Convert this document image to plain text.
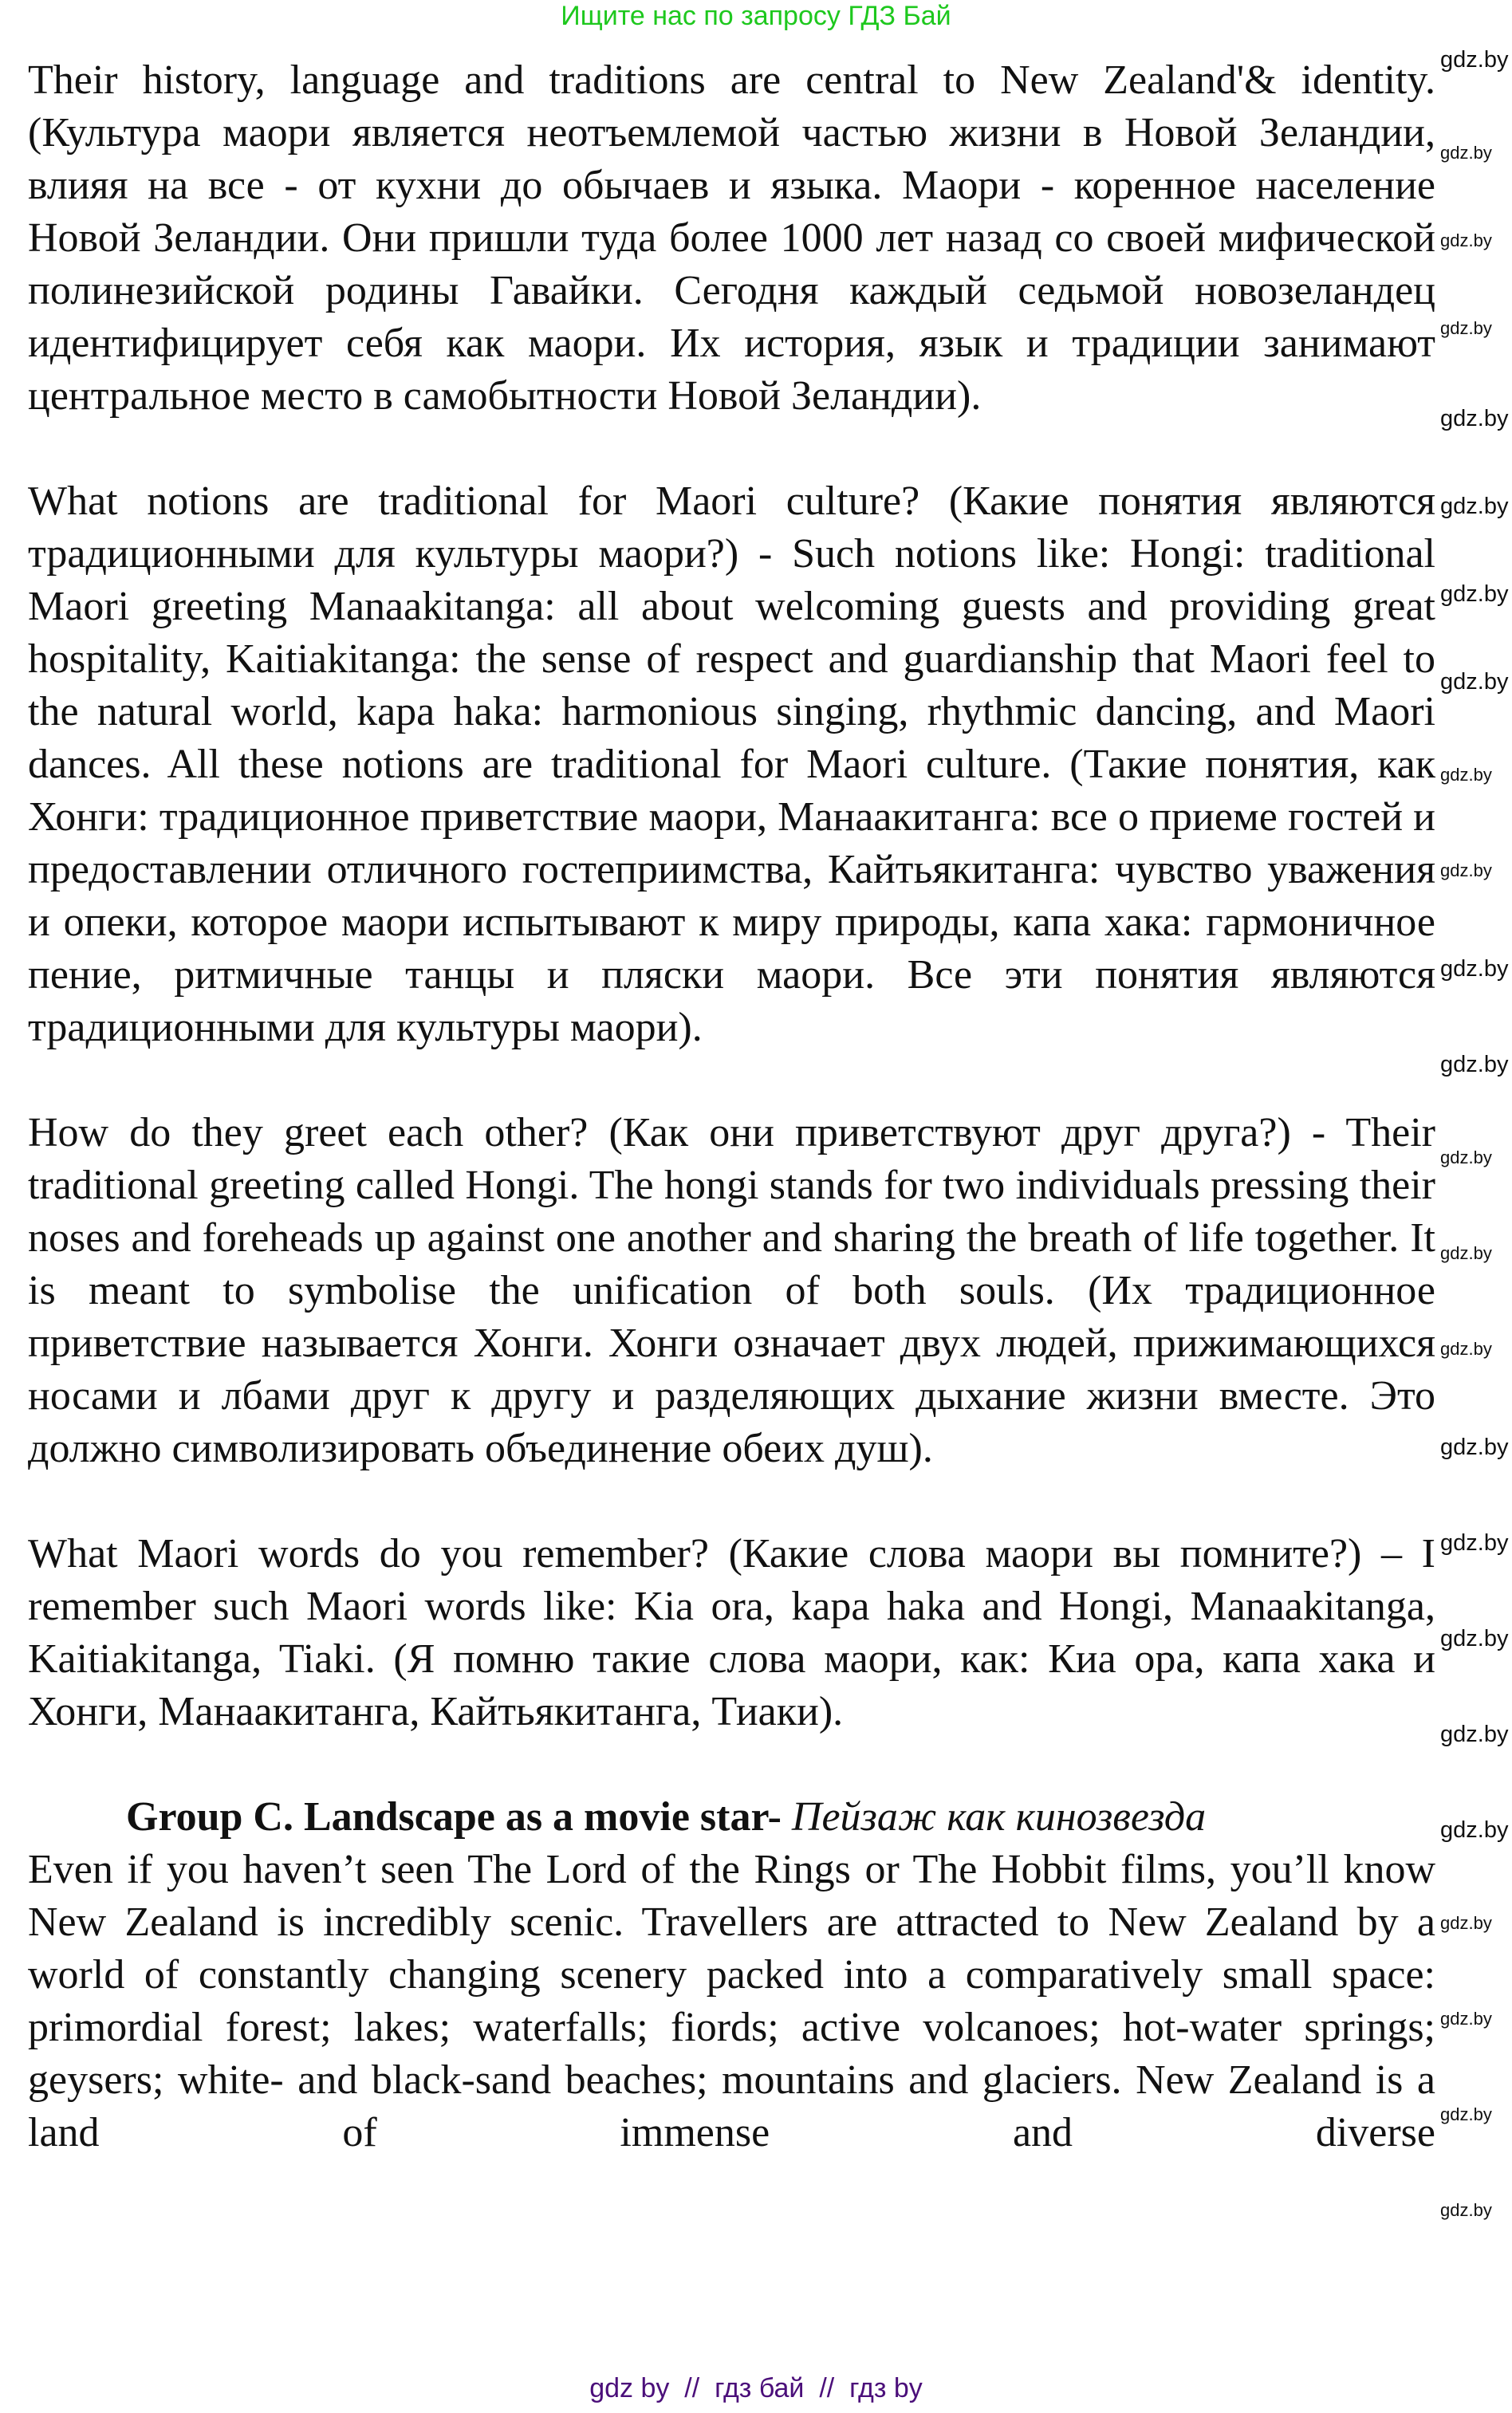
Ищите нас по запросу ГДЗ Бай

Their history, language and traditions are central to New Zealand'& identity. (Культура маори является неотъемлемой частью жизни в Новой Зеландии, влияя на все - от кухни до обычаев и языка. Маори - коренное население Новой Зеландии. Они пришли туда более 1000 лет назад со своей мифической полинезийской родины Гавайки. Сегодня каждый седьмой новозеландец идентифицирует себя как маори. Их история, язык и традиции занимают центральное место в самобытности Новой Зеландии).

What notions are traditional for Maori culture? (Какие понятия являются традиционными для культуры маори?) - Such notions like: Hongi: traditional Maori greeting Manaakitanga: all about welcoming guests and providing great hospitality, Kaitiakitanga: the sense of respect and guardianship that Maori feel to the natural world, kapa haka: harmonious singing, rhythmic dancing, and Maori dances. All these notions are traditional for Maori culture. (Такие понятия, как Хонги: традиционное приветствие маори, Манаакитанга: все о приеме гостей и предоставлении отличного гостеприимства, Кайтьякитанга: чувство уважения и опеки, которое маори испытывают к миру природы, капа хака: гармоничное пение, ритмичные танцы и пляски маори. Все эти понятия являются традиционными для культуры маори).

How do they greet each other? (Как они приветствуют друг друга?) - Their traditional greeting called Hongi. The hongi stands for two individuals pressing their noses and foreheads up against one another and sharing the breath of life together. It is meant to symbolise the unification of both souls. (Их традиционное приветствие называется Хонги. Хонги означает двух людей, прижимающихся носами и лбами друг к другу и разделяющих дыхание жизни вместе. Это должно символизировать объединение обеих душ).

What Maori words do you remember? (Какие слова маори вы помните?) – I remember such Maori words like: Kia ora, kapa haka and Hongi, Manaakitanga, Kaitiakitanga, Tiaki. (Я помню такие слова маори, как: Киа ора, капа хака и Хонги, Манаакитанга, Кайтьякитанга, Тиаки).

Group C. Landscape as a movie star- Пейзаж как кинозвезда

Even if you haven’t seen The Lord of the Rings or The Hobbit films, you’ll know New Zealand is incredibly scenic. Travellers are attracted to New Zealand by a world of constantly changing scenery packed into a comparatively small space: primordial forest; lakes; waterfalls; fiords; active volcanoes; hot-water springs; geysers; white- and black-sand beaches; mountains and glaciers. New Zealand is a land of immense and diverse

gdz.by
gdz.by
gdz.by
gdz.by
gdz.by
gdz.by
gdz.by
gdz.by
gdz.by
gdz.by
gdz.by
gdz.by
gdz.by
gdz.by
gdz.by
gdz.by
gdz.by
gdz.by
gdz.by
gdz.by
gdz.by
gdz.by
gdz.by
gdz.by
gdz by  //  гдз бай  //  гдз by
